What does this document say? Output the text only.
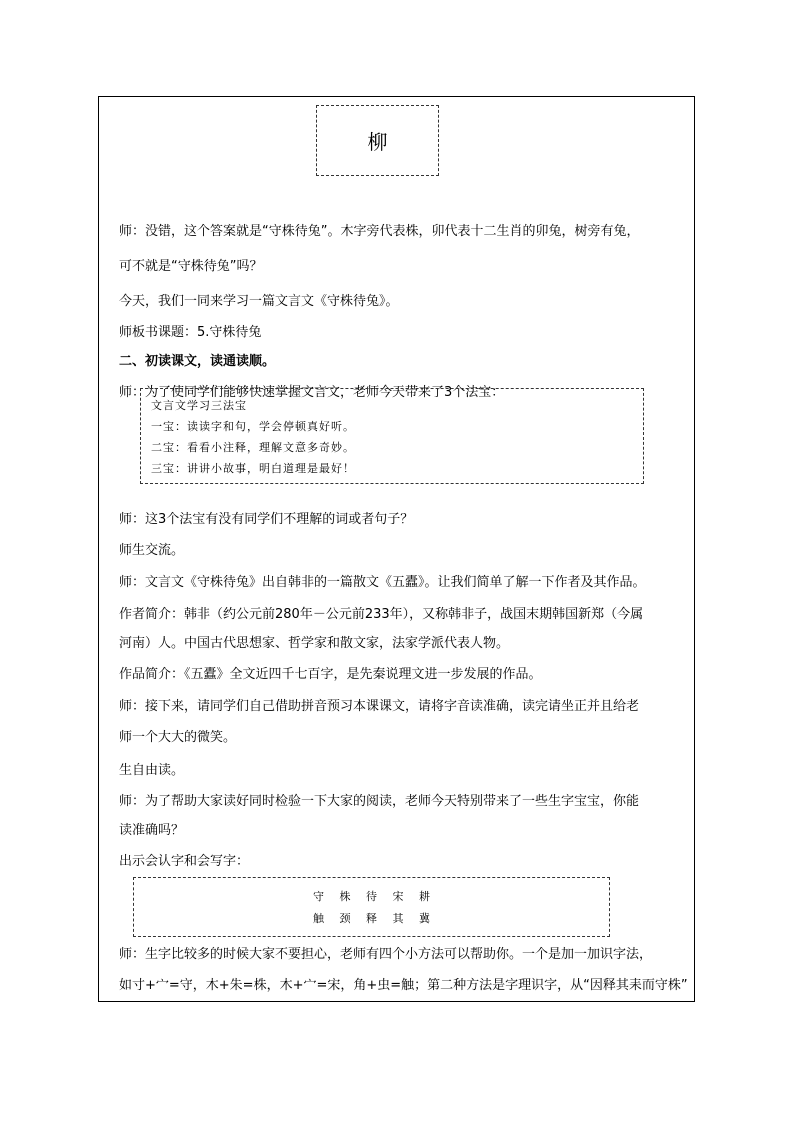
柳
师：没错，这个答案就是“守株待兔”。木字旁代表株，卯代表十二生肖的卯兔，树旁有兔，
可不就是“守株待兔”吗？
今天，我们一同来学习一篇文言文《守株待兔》。
师板书课题：5.守株待兔
二、初读课文，读通读顺。
师：为了使同学们能够快速掌握文言文，老师今天带来了3个法宝：
文言文学习三法宝
一宝：读读字和句，学会停顿真好听。
二宝：看看小注释，理解文意多奇妙。
三宝：讲讲小故事，明白道理是最好！
师：这3个法宝有没有同学们不理解的词或者句子？
师生交流。
师：文言文《守株待兔》出自韩非的一篇散文《五蠹》。让我们简单了解一下作者及其作品。
作者简介：韩非（约公元前280年－公元前233年），又称韩非子，战国末期韩国新郑（今属
河南）人。中国古代思想家、哲学家和散文家，法家学派代表人物。
作品简介：《五蠹》全文近四千七百字，是先秦说理文进一步发展的作品。
师：接下来，请同学们自己借助拼音预习本课课文，请将字音读准确，读完请坐正并且给老
师一个大大的微笑。
生自由读。
师：为了帮助大家读好同时检验一下大家的阅读，老师今天特别带来了一些生字宝宝，你能
读准确吗？
出示会认字和会写字：
守 株 待 宋 耕
触 颈 释 其 冀
师：生字比较多的时候大家不要担心，老师有四个小方法可以帮助你。一个是加一加识字法，
如寸+宀=守，木+朱=株，木+宀=宋，角+虫=触；第二种方法是字理识字，从“因释其耒而守株”
